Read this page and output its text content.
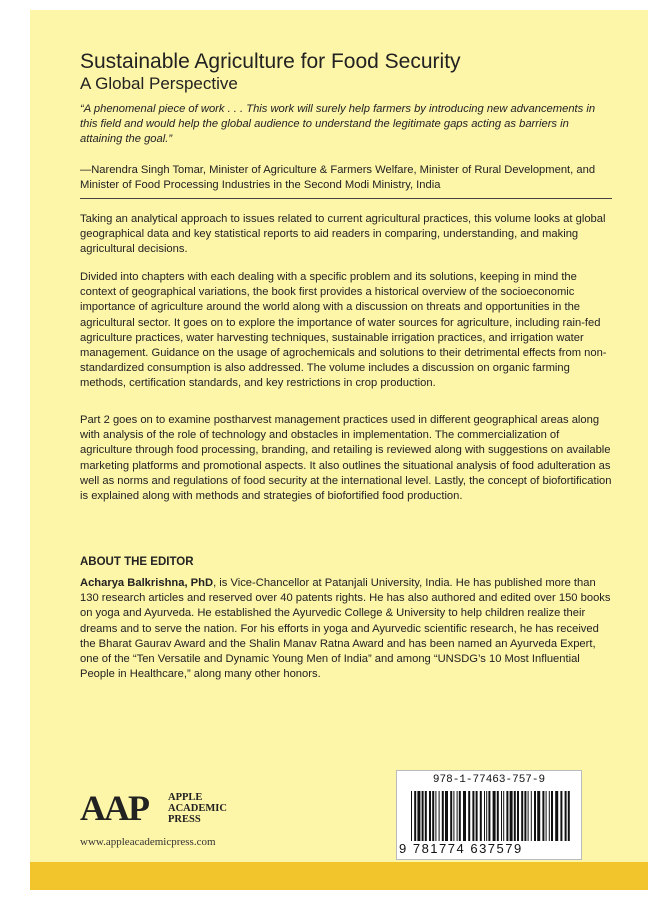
Sustainable Agriculture for Food Security
A Global Perspective
“A phenomenal piece of work . . . This work will surely help farmers by introducing new advancements in this field and would help the global audience to understand the legitimate gaps acting as barriers in attaining the goal.”
—Narendra Singh Tomar, Minister of Agriculture & Farmers Welfare, Minister of Rural Development, and Minister of Food Processing Industries in the Second Modi Ministry, India

Taking an analytical approach to issues related to current agricultural practices, this volume looks at global geographical data and key statistical reports to aid readers in comparing, understanding, and making agricultural decisions.

Divided into chapters with each dealing with a specific problem and its solutions, keeping in mind the context of geographical variations, the book first provides a historical overview of the socioeconomic importance of agriculture around the world along with a discussion on threats and opportunities in the agricultural sector. It goes on to explore the importance of water sources for agriculture, including rain-fed agriculture practices, water harvesting techniques, sustainable irrigation practices, and irrigation water management. Guidance on the usage of agrochemicals and solutions to their detrimental effects from non-standardized consumption is also addressed. The volume includes a discussion on organic farming methods, certification standards, and key restrictions in crop production.

Part 2 goes on to examine postharvest management practices used in different geographical areas along with analysis of the role of technology and obstacles in implementation. The commercialization of agriculture through food processing, branding, and retailing is reviewed along with suggestions on available marketing platforms and promotional aspects. It also outlines the situational analysis of food adulteration as well as norms and regulations of food security at the international level. Lastly, the concept of biofortification is explained along with methods and strategies of biofortified food production.

ABOUT THE EDITOR

Acharya Balkrishna, PhD, is Vice-Chancellor at Patanjali University, India. He has published more than 130 research articles and reserved over 40 patents rights. He has also authored and edited over 150 books on yoga and Ayurveda. He established the Ayurvedic College & University to help children realize their dreams and to serve the nation. For his efforts in yoga and Ayurvedic scientific research, he has received the Bharat Gaurav Award and the Shalin Manav Ratna Award and has been named an Ayurveda Expert, one of the “Ten Versatile and Dynamic Young Men of India” and among “UNSDG’s 10 Most Influential People in Healthcare,” along many other honors.

AAP APPLE
ACADEMIC
PRESS
www.appleacademicpress.com
978-1-77463-757-9
9 781774 637579
